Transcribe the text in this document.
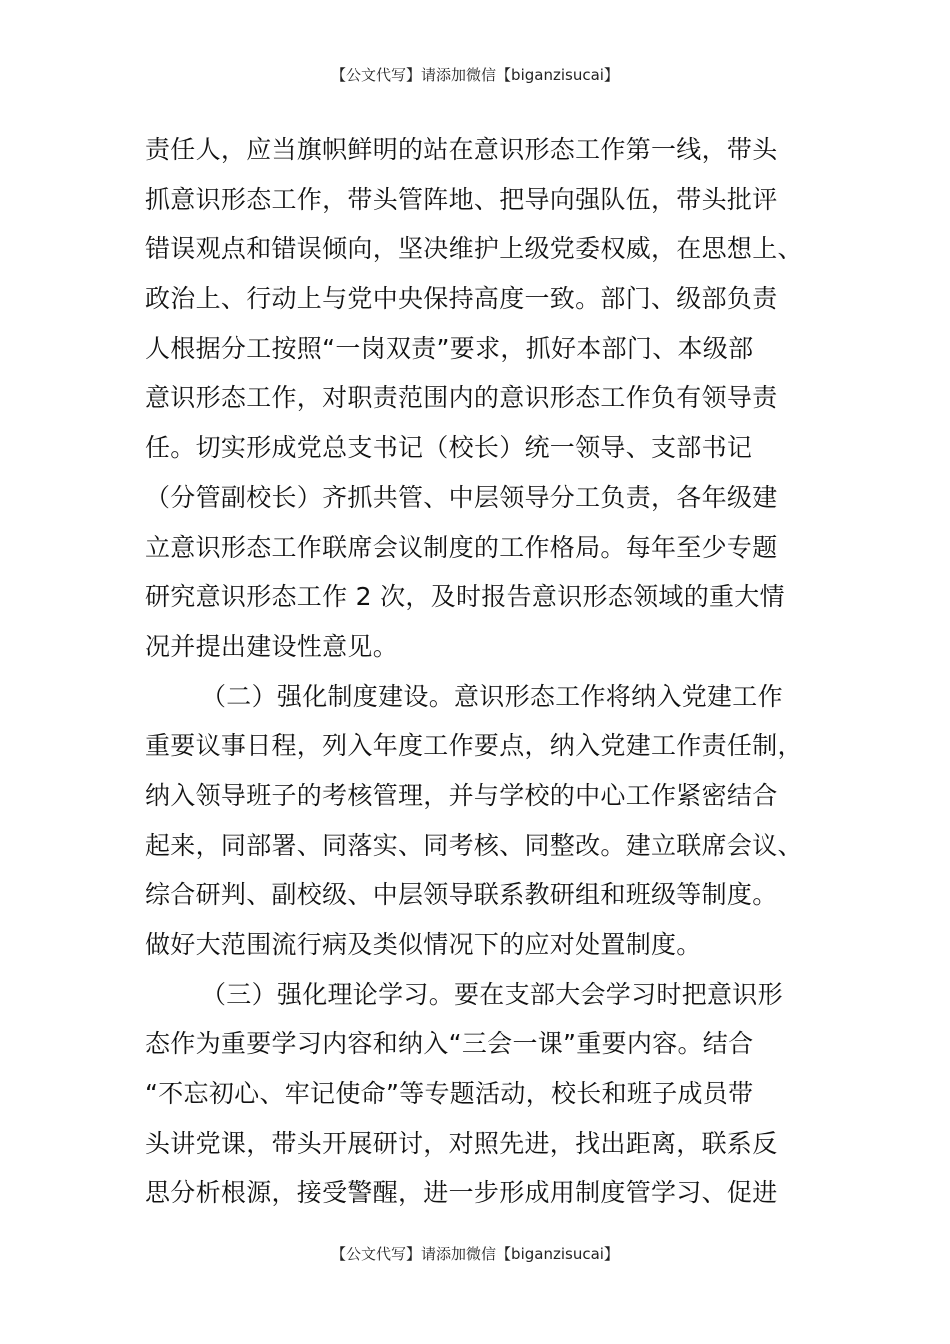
【公文代写】请添加微信【biganzisucai】
责任人，应当旗帜鲜明的站在意识形态工作第一线，带头
抓意识形态工作，带头管阵地、把导向强队伍，带头批评
错误观点和错误倾向，坚决维护上级党委权威，在思想上、
政治上、行动上与党中央保持高度一致。部门、级部负责
人根据分工按照“一岗双责”要求，抓好本部门、本级部
意识形态工作，对职责范围内的意识形态工作负有领导责
任。切实形成党总支书记（校长）统一领导、支部书记
（分管副校长）齐抓共管、中层领导分工负责，各年级建
立意识形态工作联席会议制度的工作格局。每年至少专题
研究意识形态工作 2 次，及时报告意识形态领域的重大情
况并提出建设性意见。
（二）强化制度建设。意识形态工作将纳入党建工作
重要议事日程，列入年度工作要点，纳入党建工作责任制，
纳入领导班子的考核管理，并与学校的中心工作紧密结合
起来，同部署、同落实、同考核、同整改。建立联席会议、
综合研判、副校级、中层领导联系教研组和班级等制度。
做好大范围流行病及类似情况下的应对处置制度。
（三）强化理论学习。要在支部大会学习时把意识形
态作为重要学习内容和纳入“三会一课”重要内容。结合
“不忘初心、牢记使命”等专题活动，校长和班子成员带
头讲党课，带头开展研讨，对照先进，找出距离，联系反
思分析根源，接受警醒，进一步形成用制度管学习、促进
【公文代写】请添加微信【biganzisucai】
